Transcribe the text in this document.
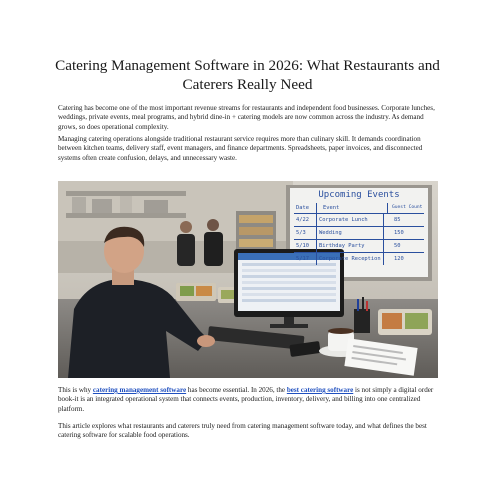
Catering Management Software in 2026: What Restaurants and Caterers Really Need

Catering has become one of the most important revenue streams for restaurants and independent food businesses. Corporate lunches, weddings, private events, meal programs, and hybrid dine-in + catering models are now common across the industry. As demand grows, so does operational complexity.

Managing catering operations alongside traditional restaurant service requires more than culinary skill. It demands coordination between kitchen teams, delivery staff, event managers, and finance departments. Spreadsheets, paper invoices, and disconnected systems often create confusion, delays, and unnecessary waste.

Upcoming Events
Date	Event	Guest Count
4/22	Corporate Lunch	85
5/3	Wedding	150
5/10	Birthday Party	50
5/17	Corporate Reception	120

This is why catering management software has become essential. In 2026, the best catering software is not simply a digital order book-it is an integrated operational system that connects events, production, inventory, delivery, and billing into one centralized platform.

This article explores what restaurants and caterers truly need from catering management software today, and what defines the best catering software for scalable food operations.
